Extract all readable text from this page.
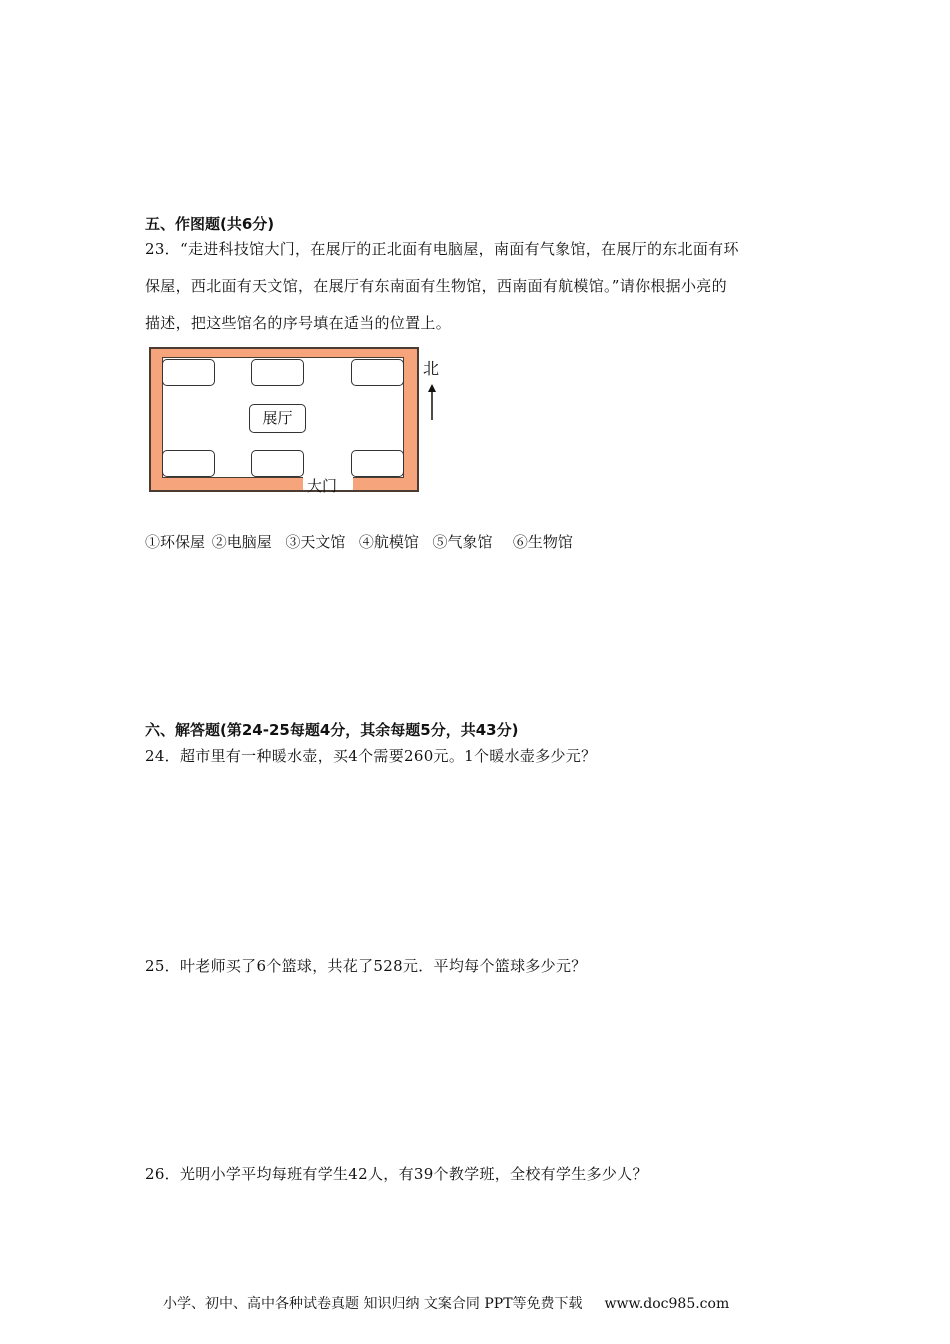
五、作图题(共6分)
23．“走进科技馆大门，在展厅的正北面有电脑屋，南面有气象馆，在展厅的东北面有环
保屋，西北面有天文馆，在展厅有东南面有生物馆，西南面有航模馆。”请你根据小亮的
描述，把这些馆名的序号填在适当的位置上。
展厅
大门
北
①环保屋 ②电脑屋 ③天文馆 ④航模馆 ⑤气象馆 ⑥生物馆
六、解答题(第24-25每题4分，其余每题5分，共43分)
24．超市里有一种暖水壶，买4个需要260元。1个暖水壶多少元？
25．叶老师买了6个篮球，共花了528元．平均每个篮球多少元？
26．光明小学平均每班有学生42人，有39个教学班，全校有学生多少人？
小学、初中、高中各种试卷真题 知识归纳 文案合同 PPT等免费下载 www.doc985.com
